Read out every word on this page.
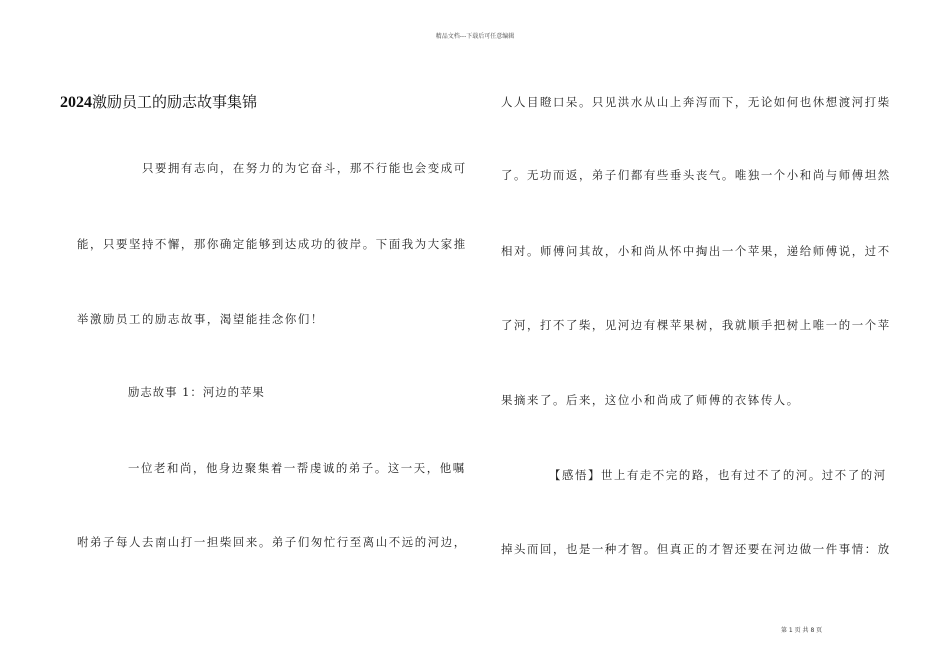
精品文档---下载后可任意编辑
2024激励员工的励志故事集锦
只要拥有志向，在努力的为它奋斗，那不行能也会变成可
能，只要坚持不懈，那你确定能够到达成功的彼岸。下面我为大家推
举激励员工的励志故事，渴望能挂念你们！
励志故事 1：河边的苹果
一位老和尚，他身边聚集着一帮虔诚的弟子。这一天，他嘱
咐弟子每人去南山打一担柴回来。弟子们匆忙行至离山不远的河边，
人人目瞪口呆。只见洪水从山上奔泻而下，无论如何也休想渡河打柴
了。无功而返，弟子们都有些垂头丧气。唯独一个小和尚与师傅坦然
相对。师傅问其故，小和尚从怀中掏出一个苹果，递给师傅说，过不
了河，打不了柴，见河边有棵苹果树，我就顺手把树上唯一的一个苹
果摘来了。后来，这位小和尚成了师傅的衣钵传人。
【感悟】世上有走不完的路，也有过不了的河。过不了的河
掉头而回，也是一种才智。但真正的才智还要在河边做一件事情：放
第 1 页 共 8 页
